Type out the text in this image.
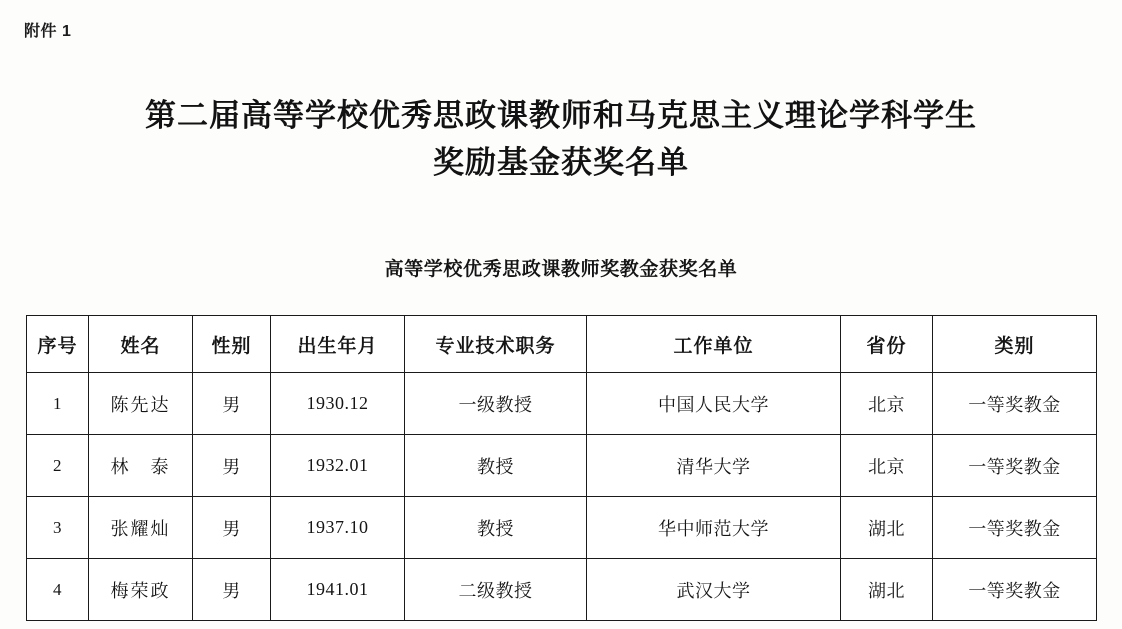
附件 1
第二届高等学校优秀思政课教师和马克思主义理论学科学生
奖励基金获奖名单
高等学校优秀思政课教师奖教金获奖名单
序号	姓名	性别	出生年月	专业技术职务	工作单位	省份	类别
1	陈先达	男	1930.12	一级教授	中国人民大学	北京	一等奖教金
2	林　泰	男	1932.01	教授	清华大学	北京	一等奖教金
3	张耀灿	男	1937.10	教授	华中师范大学	湖北	一等奖教金
4	梅荣政	男	1941.01	二级教授	武汉大学	湖北	一等奖教金
